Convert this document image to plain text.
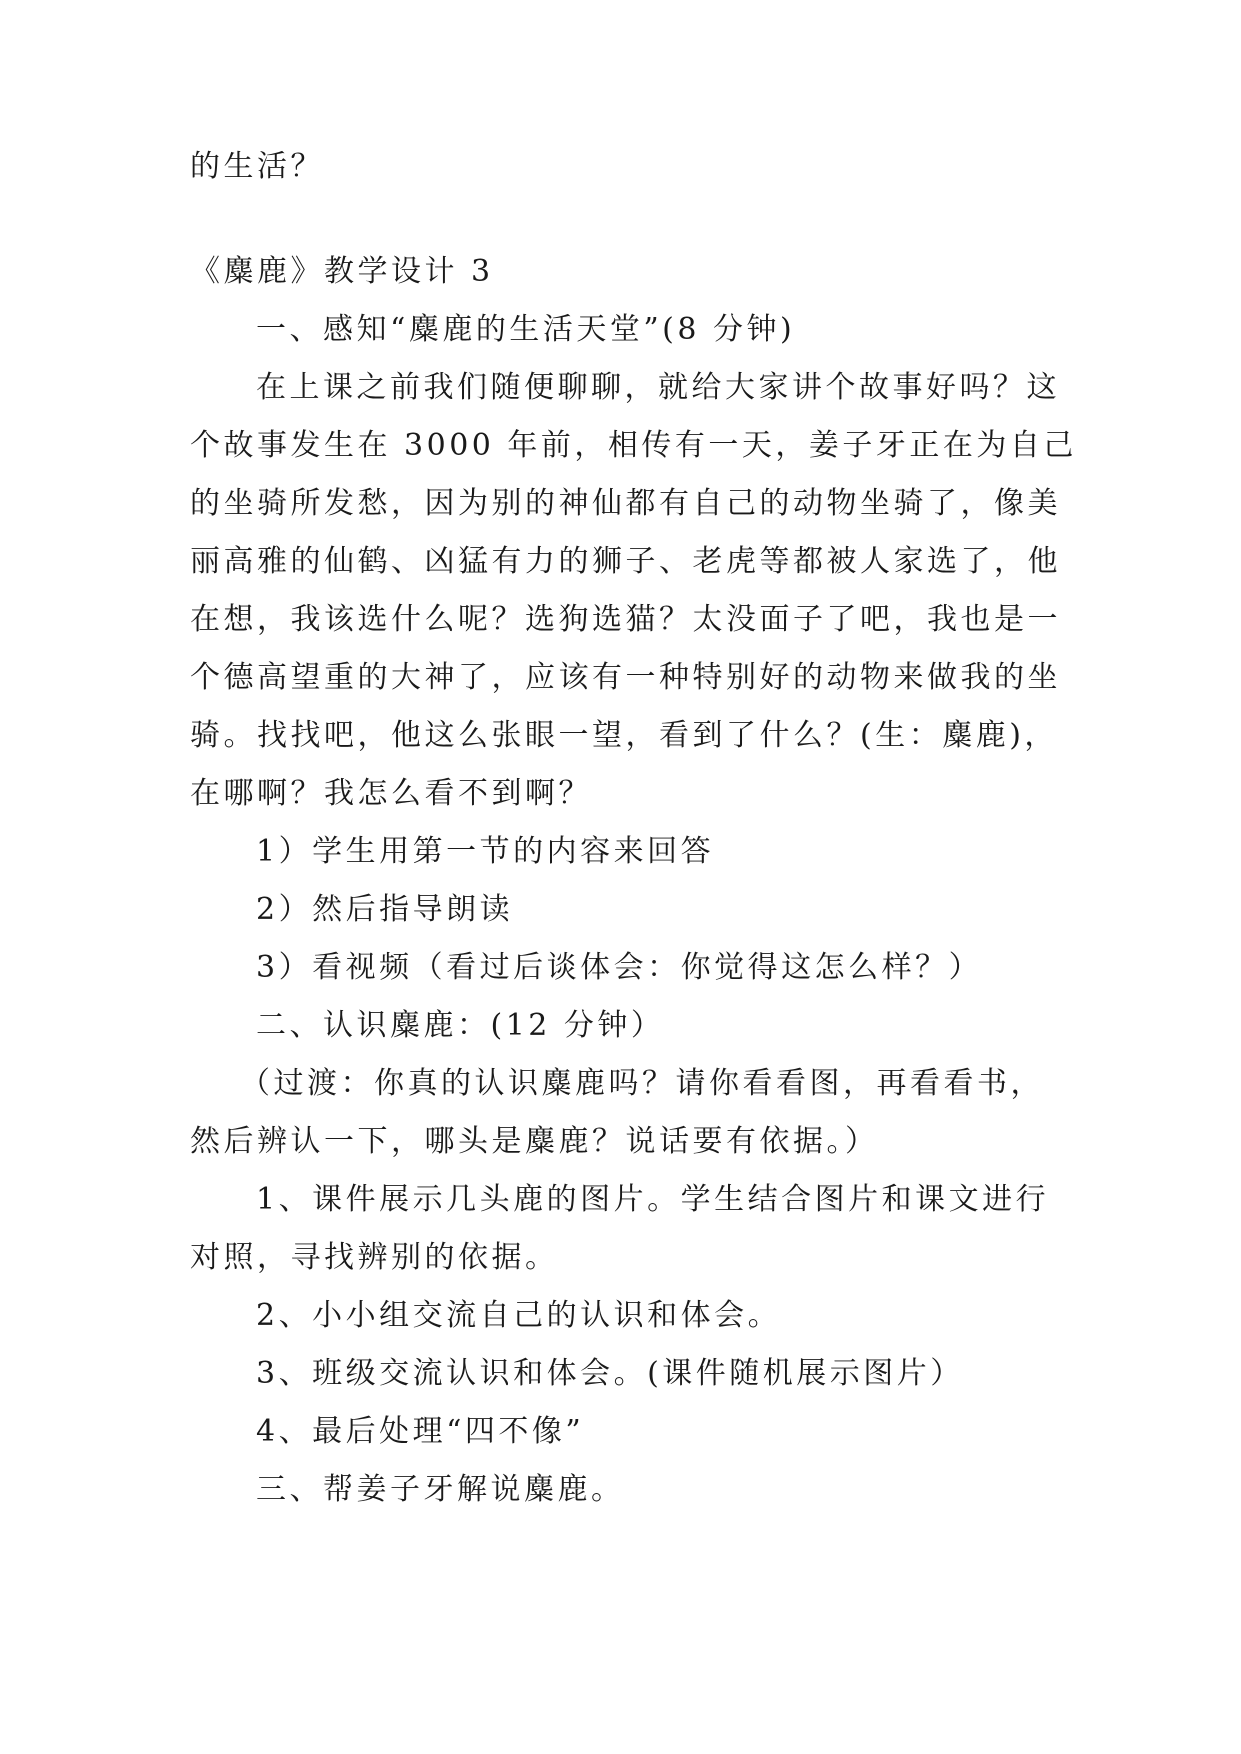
的生活？
《麋鹿》教学设计 3
一、感知“麋鹿的生活天堂”(8 分钟)
在上课之前我们随便聊聊，就给大家讲个故事好吗？这
个故事发生在 3000 年前，相传有一天，姜子牙正在为自己
的坐骑所发愁，因为别的神仙都有自己的动物坐骑了，像美
丽高雅的仙鹤、凶猛有力的狮子、老虎等都被人家选了，他
在想，我该选什么呢？选狗选猫？太没面子了吧，我也是一
个德高望重的大神了，应该有一种特别好的动物来做我的坐
骑。找找吧，他这么张眼一望，看到了什么？(生：麋鹿)，
在哪啊？我怎么看不到啊？
1）学生用第一节的内容来回答
2）然后指导朗读
3）看视频（看过后谈体会：你觉得这怎么样？）
二、认识麋鹿：(12 分钟）
（过渡：你真的认识麋鹿吗？请你看看图，再看看书，
然后辨认一下，哪头是麋鹿？说话要有依据。）
1、课件展示几头鹿的图片。学生结合图片和课文进行
对照，寻找辨别的依据。
2、小小组交流自己的认识和体会。
3、班级交流认识和体会。(课件随机展示图片）
4、最后处理“四不像”
三、帮姜子牙解说麋鹿。
